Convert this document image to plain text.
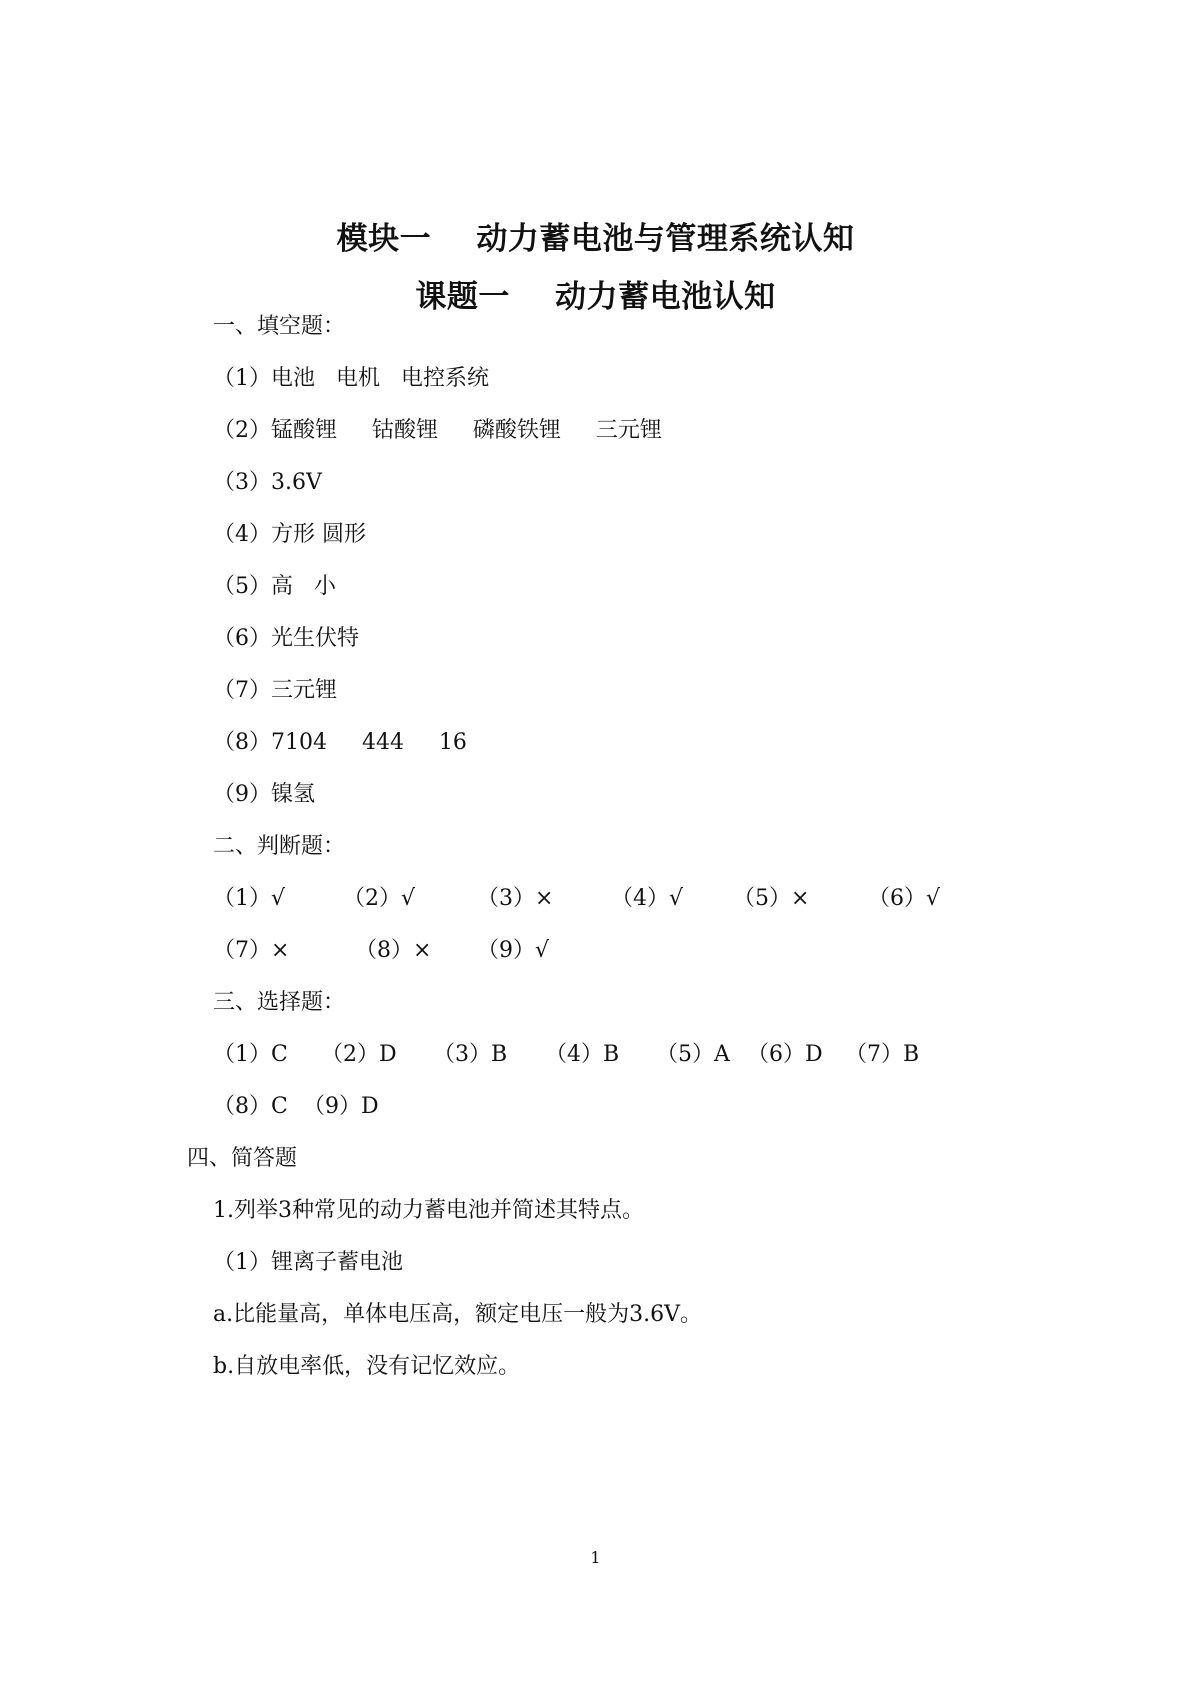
模块一    动力蓄电池与管理系统认知
课题一    动力蓄电池认知
一、填空题：
（1）电池   电机   电控系统
（2）锰酸锂     钴酸锂     磷酸铁锂     三元锂
（3）3.6V
（4）方形 圆形
（5）高   小
（6）光生伏特
（7）三元锂
（8）7104     444     16
（9）镍氢
二、判断题：
（1）√	（2）√	（3）×	（4）√ （5）×	（6）√
（7）×	（8）× （9）√
三、选择题：
（1）C （2）D （3）B （4）B （5）A （6）D （7）B
（8）C （9）D
四、简答题
1.列举3种常见的动力蓄电池并简述其特点。
（1）锂离子蓄电池
a.比能量高，单体电压高，额定电压一般为3.6V。
b.自放电率低，没有记忆效应。
1
